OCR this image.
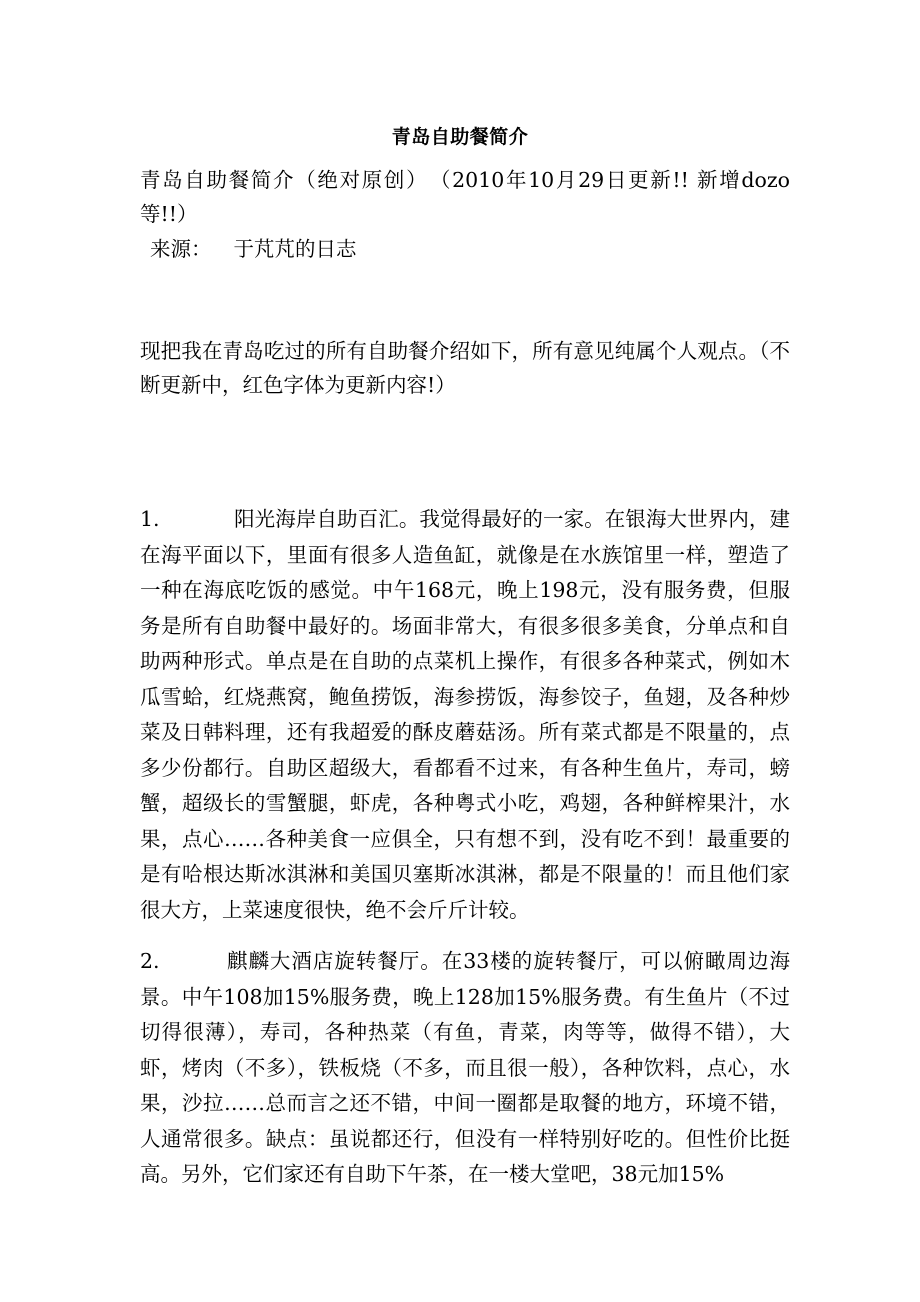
青岛自助餐简介
青岛自助餐简介（绝对原创）　（2010年10月29日更新!! 新增dozo等!!）
来源： 于芃芃的日志
现把我在青岛吃过的所有自助餐介绍如下，所有意见纯属个人观点。（不断更新中，红色字体为更新内容!）
1.	阳光海岸自助百汇。我觉得最好的一家。在银海大世界内，建在海平面以下，里面有很多人造鱼缸，就像是在水族馆里一样，塑造了一种在海底吃饭的感觉。中午168元，晚上198元，没有服务费，但服务是所有自助餐中最好的。场面非常大，有很多很多美食，分单点和自助两种形式。单点是在自助的点菜机上操作，有很多各种菜式，例如木瓜雪蛤，红烧燕窝，鲍鱼捞饭，海参捞饭，海参饺子，鱼翅，及各种炒菜及日韩料理，还有我超爱的酥皮蘑菇汤。所有菜式都是不限量的，点多少份都行。自助区超级大，看都看不过来，有各种生鱼片，寿司，螃蟹，超级长的雪蟹腿，虾虎，各种粤式小吃，鸡翅，各种鲜榨果汁，水果，点心……各种美食一应俱全，只有想不到，没有吃不到！最重要的是有哈根达斯冰淇淋和美国贝塞斯冰淇淋，都是不限量的！而且他们家很大方，上菜速度很快，绝不会斤斤计较。
2.	麒麟大酒店旋转餐厅。在33楼的旋转餐厅，可以俯瞰周边海景。中午108加15%服务费，晚上128加15%服务费。有生鱼片（不过切得很薄），寿司，各种热菜（有鱼，青菜，肉等等，做得不错），大虾，烤肉（不多），铁板烧（不多，而且很一般），各种饮料，点心，水果，沙拉……总而言之还不错，中间一圈都是取餐的地方，环境不错，人通常很多。缺点：虽说都还行，但没有一样特别好吃的。但性价比挺高。另外，它们家还有自助下午茶，在一楼大堂吧，38元加15%
